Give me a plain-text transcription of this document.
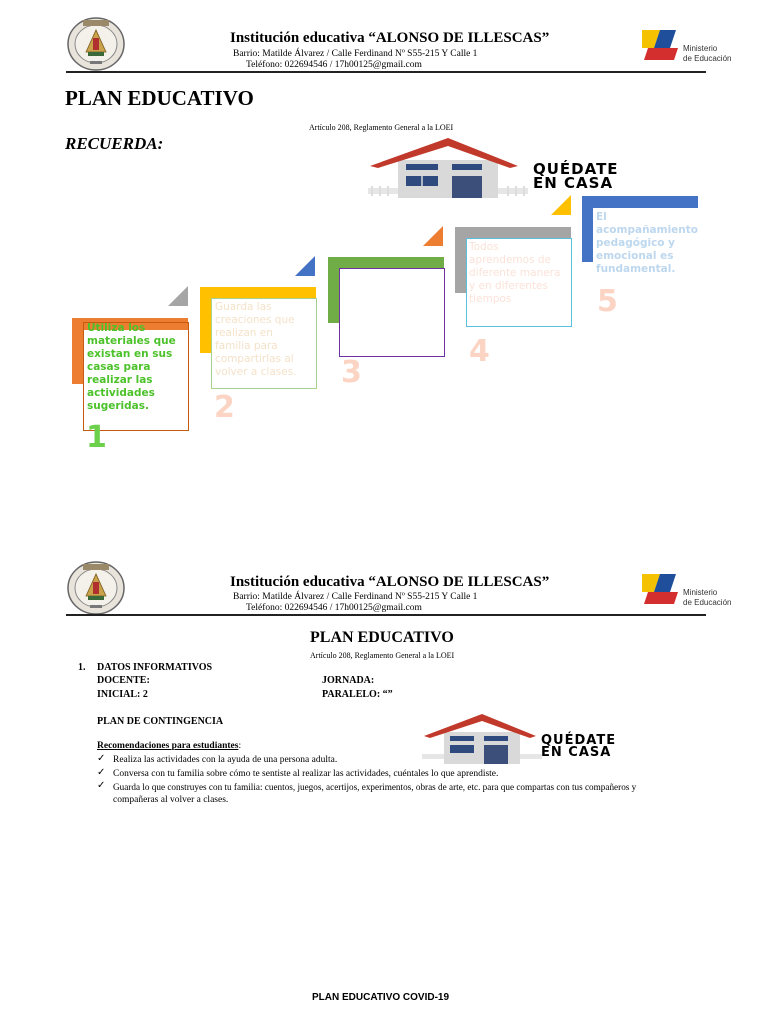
Institución educativa “ALONSO DE ILLESCAS”
Barrio: Matilde Álvarez / Calle Ferdinand Nº S55-215 Y Calle 1
Teléfono: 022694546 / 17h00125@gmail.com
Ministerio
de Educación
PLAN EDUCATIVO
Artículo 208, Reglamento General a la LOEI
RECUERDA:
QUÉDATE
EN CASA
Utiliza los materiales que existan en sus casas para realizar las actividades sugeridas.
1
Guarda las creaciones que realizan en familia para compartirlas al volver a clases.
2
3
Todos aprendemos de diferente manera y en diferentes tiempos
4
El acompañamiento pedagógico y emocional es fundamental.
5
Institución educativa “ALONSO DE ILLESCAS”
Barrio: Matilde Álvarez / Calle Ferdinand Nº S55-215 Y Calle 1
Teléfono: 022694546 / 17h00125@gmail.com
Ministerio
de Educación
PLAN EDUCATIVO
Artículo 208, Reglamento General a la LOEI
1. DATOS INFORMATIVOS
DOCENTE:	JORNADA:
INICIAL: 2	PARALELO: “”
PLAN DE CONTINGENCIA
Recomendaciones para estudiantes:
✓ Realiza las actividades con la ayuda de una persona adulta.
✓ Conversa con tu familia sobre cómo te sentiste al realizar las actividades, cuéntales lo que aprendiste.
✓ Guarda lo que construyes con tu familia: cuentos, juegos, acertijos, experimentos, obras de arte, etc. para que compartas con tus compañeros y
compañeras al volver a clases.
QUÉDATE
EN CASA
PLAN EDUCATIVO COVID-19
